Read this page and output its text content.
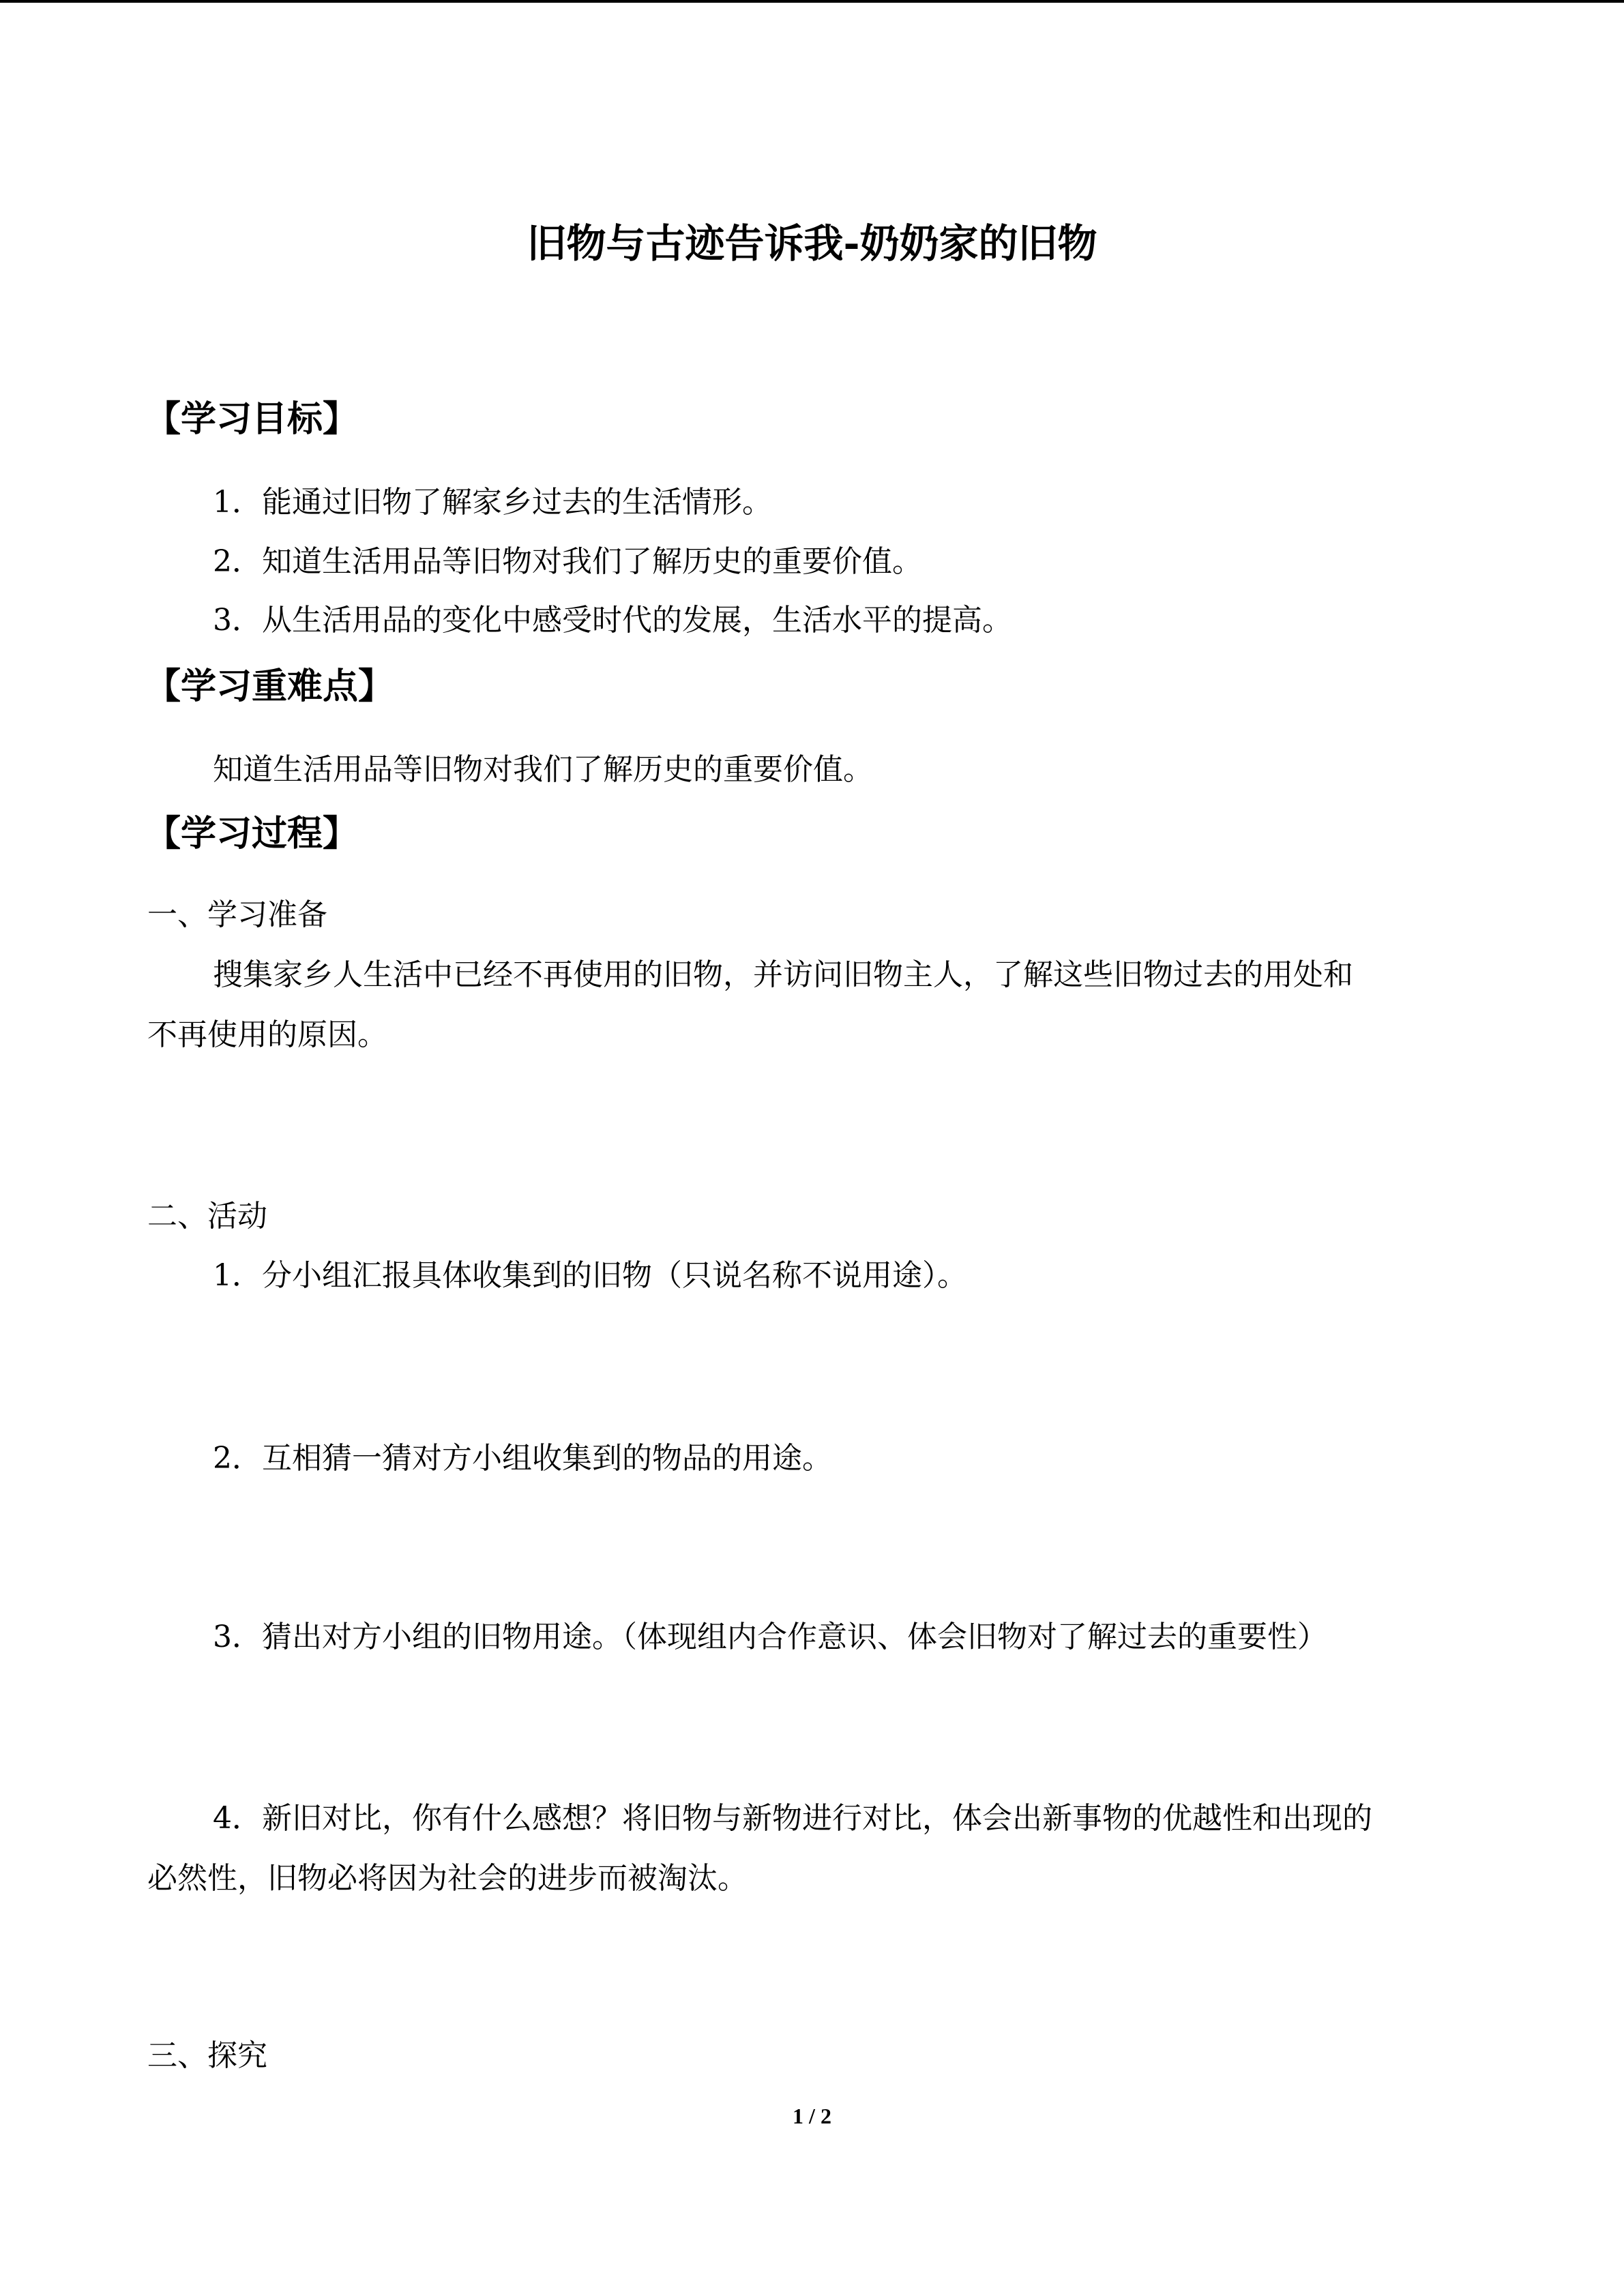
旧物与古迹告诉我-奶奶家的旧物
【学习目标】
1．能通过旧物了解家乡过去的生活情形。
2．知道生活用品等旧物对我们了解历史的重要价值。
3．从生活用品的变化中感受时代的发展，生活水平的提高。
【学习重难点】
知道生活用品等旧物对我们了解历史的重要价值。
【学习过程】
一、学习准备
搜集家乡人生活中已经不再使用的旧物，并访问旧物主人，了解这些旧物过去的用处和
不再使用的原因。
二、活动
1．分小组汇报具体收集到的旧物（只说名称不说用途）。
2．互相猜一猜对方小组收集到的物品的用途。
3．猜出对方小组的旧物用途。（体现组内合作意识、体会旧物对了解过去的重要性）
4．新旧对比，你有什么感想？将旧物与新物进行对比，体会出新事物的优越性和出现的
必然性，旧物必将因为社会的进步而被淘汰。
三、探究
1 / 2
